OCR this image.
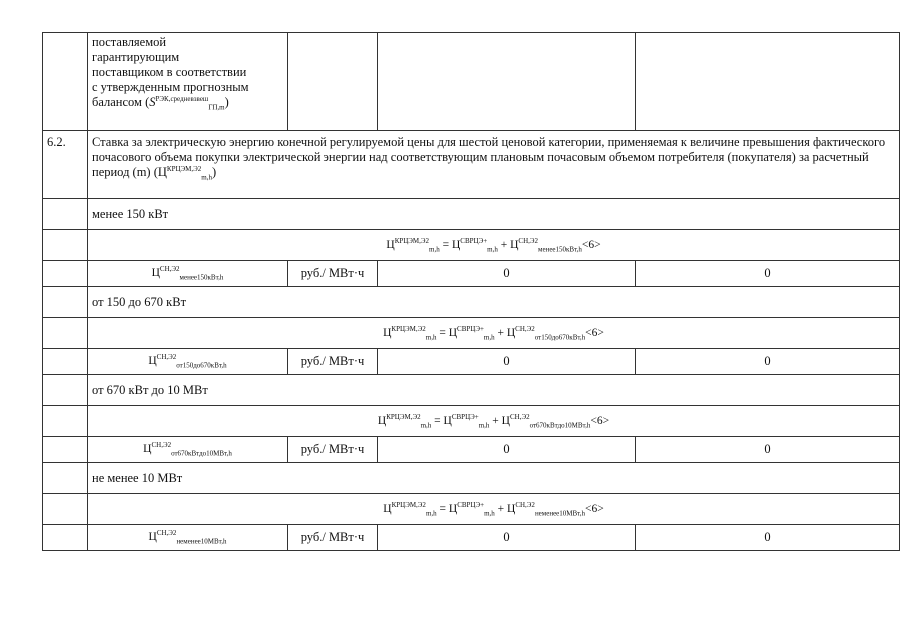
	поставляемой
гарантирующим
поставщиком в соответствии
с утвержденным прогнозным
балансом $(S^{РЭК,средневзвеш}_{ГП,m})$			

6.2.	Ставка за электрическую энергию конечной регулируемой цены для шестой ценовой категории, применяемая к величине превышения фактического почасового объема покупки электрической энергии над соответствующим плановым почасовым объемом потребителя (покупателя) за расчетный период (m) $(Ц^{КРЦЭМ,Э2}_{m,h})$			
	менее 150 кВт			
	$Ц^{КРЦЭМ,Э2}_{m,h} = Ц^{СВРЦЭ+}_{m,h} + Ц^{СН,Э2}_{менее150кВт,h}<6>$			
	$Ц^{СН,Э2}_{менее150кВт,h}$	руб./ МВт·ч	0	0
	от 150 до 670 кВт			
	$Ц^{КРЦЭМ,Э2}_{m,h} = Ц^{СВРЦЭ+}_{m,h} + Ц^{СН,Э2}_{от150до670кВт,h}<6>$			
	$Ц^{СН,Э2}_{от150до670кВт,h}$	руб./ МВт·ч	0	0
	от 670 кВт до 10 МВт			
	$Ц^{КРЦЭМ,Э2}_{m,h} = Ц^{СВРЦЭ+}_{m,h} + Ц^{СН,Э2}_{от670кВтдо10МВт,h}<6>$			
	$Ц^{СН,Э2}_{от670кВтдо10МВт,h}$	руб./ МВт·ч	0	0
	не менее 10 МВт			
	$Ц^{КРЦЭМ,Э2}_{m,h} = Ц^{СВРЦЭ+}_{m,h} + Ц^{СН,Э2}_{неменее10МВт,h}<6>$			
	$Ц^{СН,Э2}_{неменее10МВт,h}$	руб./ МВт·ч	0	0
